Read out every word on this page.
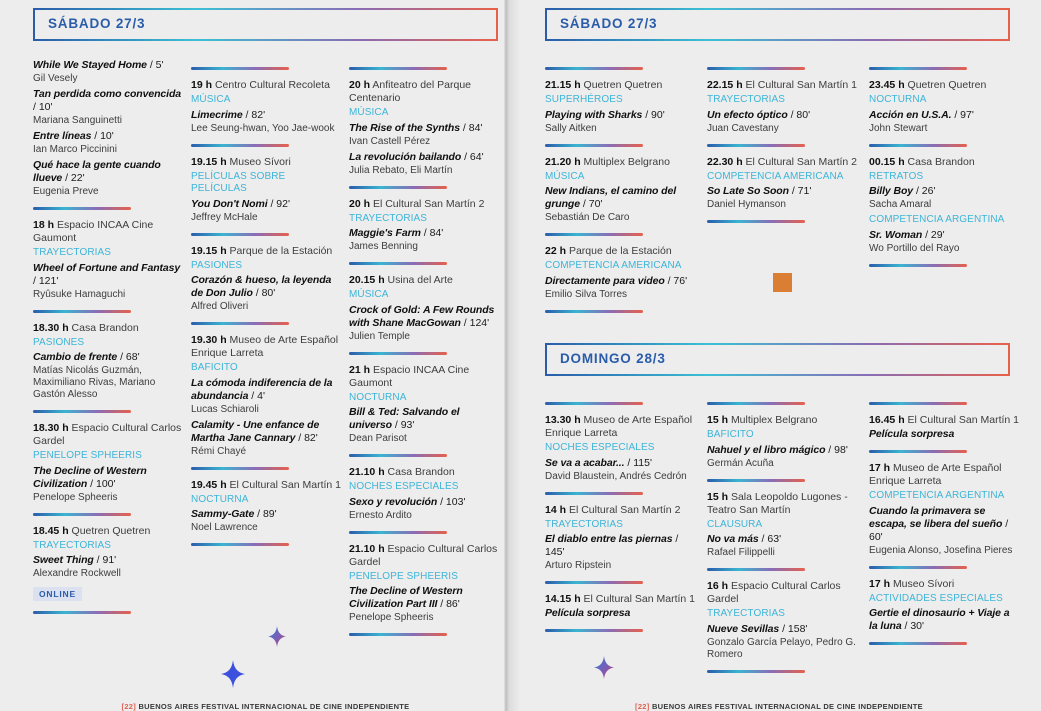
SÁBADO 27/3
While We Stayed Home / 5'
Gil Vesely
Tan perdida como convencida / 10'
Mariana Sanguinetti
Entre líneas / 10'
Ian Marco Piccinini
Qué hace la gente cuando llueve / 22'
Eugenia Preve
18 h Espacio INCAA Cine Gaumont
TRAYECTORIAS
Wheel of Fortune and Fantasy / 121'
Ryûsuke Hamaguchi
18.30 h Casa Brandon
PASIONES
Cambio de frente / 68'
Matías Nicolás Guzmán, Maximiliano Rivas, Mariano Gastón Alesso
18.30 h Espacio Cultural Carlos Gardel
PENELOPE SPHEERIS
The Decline of Western Civilization / 100'
Penelope Spheeris
18.45 h Quetren Quetren
TRAYECTORIAS
Sweet Thing / 91'
Alexandre Rockwell
ONLINE
19 h Centro Cultural Recoleta
MÚSICA
Limecrime / 82'
Lee Seung-hwan, Yoo Jae-wook
19.15 h Museo Sívori
PELÍCULAS SOBRE PELÍCULAS
You Don't Nomi / 92'
Jeffrey McHale
19.15 h Parque de la Estación
PASIONES
Corazón & hueso, la leyenda de Don Julio / 80'
Alfred Oliveri
19.30 h Museo de Arte Español Enrique Larreta
BAFICITO
La cómoda indiferencia de la abundancia / 4'
Lucas Schiaroli
Calamity - Une enfance de Martha Jane Cannary / 82'
Rémi Chayé
19.45 h El Cultural San Martín 1
NOCTURNA
Sammy-Gate / 89'
Noel Lawrence
20 h Anfiteatro del Parque Centenario
MÚSICA
The Rise of the Synths / 84'
Ivan Castell Pérez
La revolución bailando / 64'
Julia Rebato, Eli Martín
20 h El Cultural San Martín 2
TRAYECTORIAS
Maggie's Farm / 84'
James Benning
20.15 h Usina del Arte
MÚSICA
Crock of Gold: A Few Rounds with Shane MacGowan / 124'
Julien Temple
21 h Espacio INCAA Cine Gaumont
NOCTURNA
Bill & Ted: Salvando el universo / 93'
Dean Parisot
21.10 h Casa Brandon
NOCHES ESPECIALES
Sexo y revolución / 103'
Ernesto Ardito
21.10 h Espacio Cultural Carlos Gardel
PENELOPE SPHEERIS
The Decline of Western Civilization Part III / 86'
Penelope Spheeris
SÁBADO 27/3
21.15 h Quetren Quetren
SUPERHÉROES
Playing with Sharks / 90'
Sally Aitken
21.20 h Multiplex Belgrano
MÚSICA
New Indians, el camino del grunge / 70'
Sebastián De Caro
22 h Parque de la Estación
COMPETENCIA AMERICANA
Directamente para video / 76'
Emilio Silva Torres
22.15 h El Cultural San Martín 1
TRAYECTORIAS
Un efecto óptico / 80'
Juan Cavestany
22.30 h El Cultural San Martín 2
COMPETENCIA AMERICANA
So Late So Soon / 71'
Daniel Hymanson
23.45 h Quetren Quetren
NOCTURNA
Acción en U.S.A. / 97'
John Stewart
00.15 h Casa Brandon
RETRATOS
Billy Boy / 26'
Sacha Amaral
COMPETENCIA ARGENTINA
Sr. Woman / 29'
Wo Portillo del Rayo
DOMINGO 28/3
13.30 h Museo de Arte Español Enrique Larreta
NOCHES ESPECIALES
Se va a acabar... / 115'
David Blaustein, Andrés Cedrón
14 h El Cultural San Martín 2
TRAYECTORIAS
El diablo entre las piernas / 145'
Arturo Ripstein
14.15 h El Cultural San Martín 1
Película sorpresa
15 h Multiplex Belgrano
BAFICITO
Nahuel y el libro mágico / 98'
Germán Acuña
15 h Sala Leopoldo Lugones - Teatro San Martín
CLAUSURA
No va más / 63'
Rafael Filippelli
16 h Espacio Cultural Carlos Gardel
TRAYECTORIAS
Nueve Sevillas / 158'
Gonzalo García Pelayo, Pedro G. Romero
16.45 h El Cultural San Martín 1
Película sorpresa
17 h Museo de Arte Español Enrique Larreta
COMPETENCIA ARGENTINA
Cuando la primavera se escapa, se libera del sueño / 60'
Eugenia Alonso, Josefina Pieres
17 h Museo Sívori
ACTIVIDADES ESPECIALES
Gertie el dinosaurio + Viaje a la luna / 30'
[22] BUENOS AIRES FESTIVAL INTERNACIONAL DE CINE INDEPENDIENTE	[22] BUENOS AIRES FESTIVAL INTERNACIONAL DE CINE INDEPENDIENTE
